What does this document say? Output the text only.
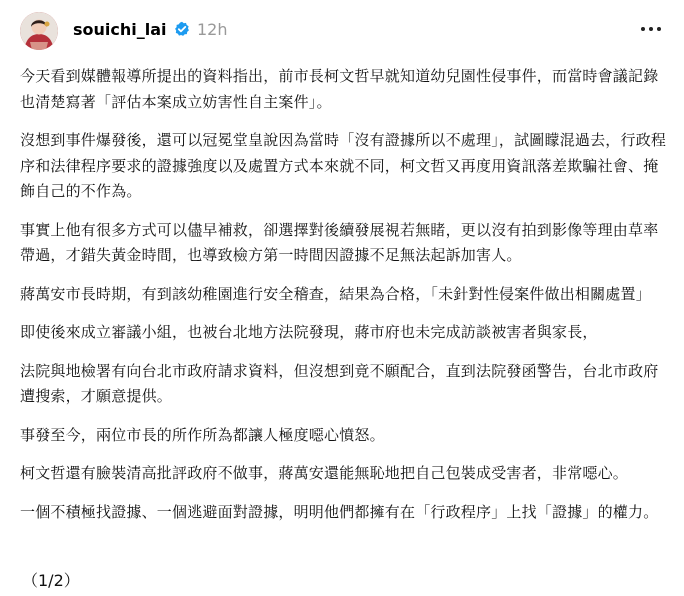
souichi_lai 12h

今天看到媒體報導所提出的資料指出，前市長柯文哲早就知道幼兒園性侵事件，而當時會議記錄也清楚寫著「評估本案成立妨害性自主案件」。

沒想到事件爆發後，還可以冠冕堂皇說因為當時「沒有證據所以不處理」，試圖矇混過去，行政程序和法律程序要求的證據強度以及處置方式本來就不同，柯文哲又再度用資訊落差欺騙社會、掩飾自己的不作為。

事實上他有很多方式可以儘早補救，卻選擇對後續發展視若無睹，更以沒有拍到影像等理由草率帶過，才錯失黃金時間，也導致檢方第一時間因證據不足無法起訴加害人。

蔣萬安市長時期，有到該幼稚園進行安全稽查，結果為合格，「未針對性侵案件做出相關處置」

即使後來成立審議小組，也被台北地方法院發現，蔣市府也未完成訪談被害者與家長，

法院與地檢署有向台北市政府請求資料，但沒想到竟不願配合，直到法院發函警告，台北市政府遭搜索，才願意提供。

事發至今，兩位市長的所作所為都讓人極度噁心憤怒。

柯文哲還有臉裝清高批評政府不做事，蔣萬安還能無恥地把自己包裝成受害者，非常噁心。

一個不積極找證據、一個逃避面對證據，明明他們都擁有在「行政程序」上找「證據」的權力。

（1/2）
